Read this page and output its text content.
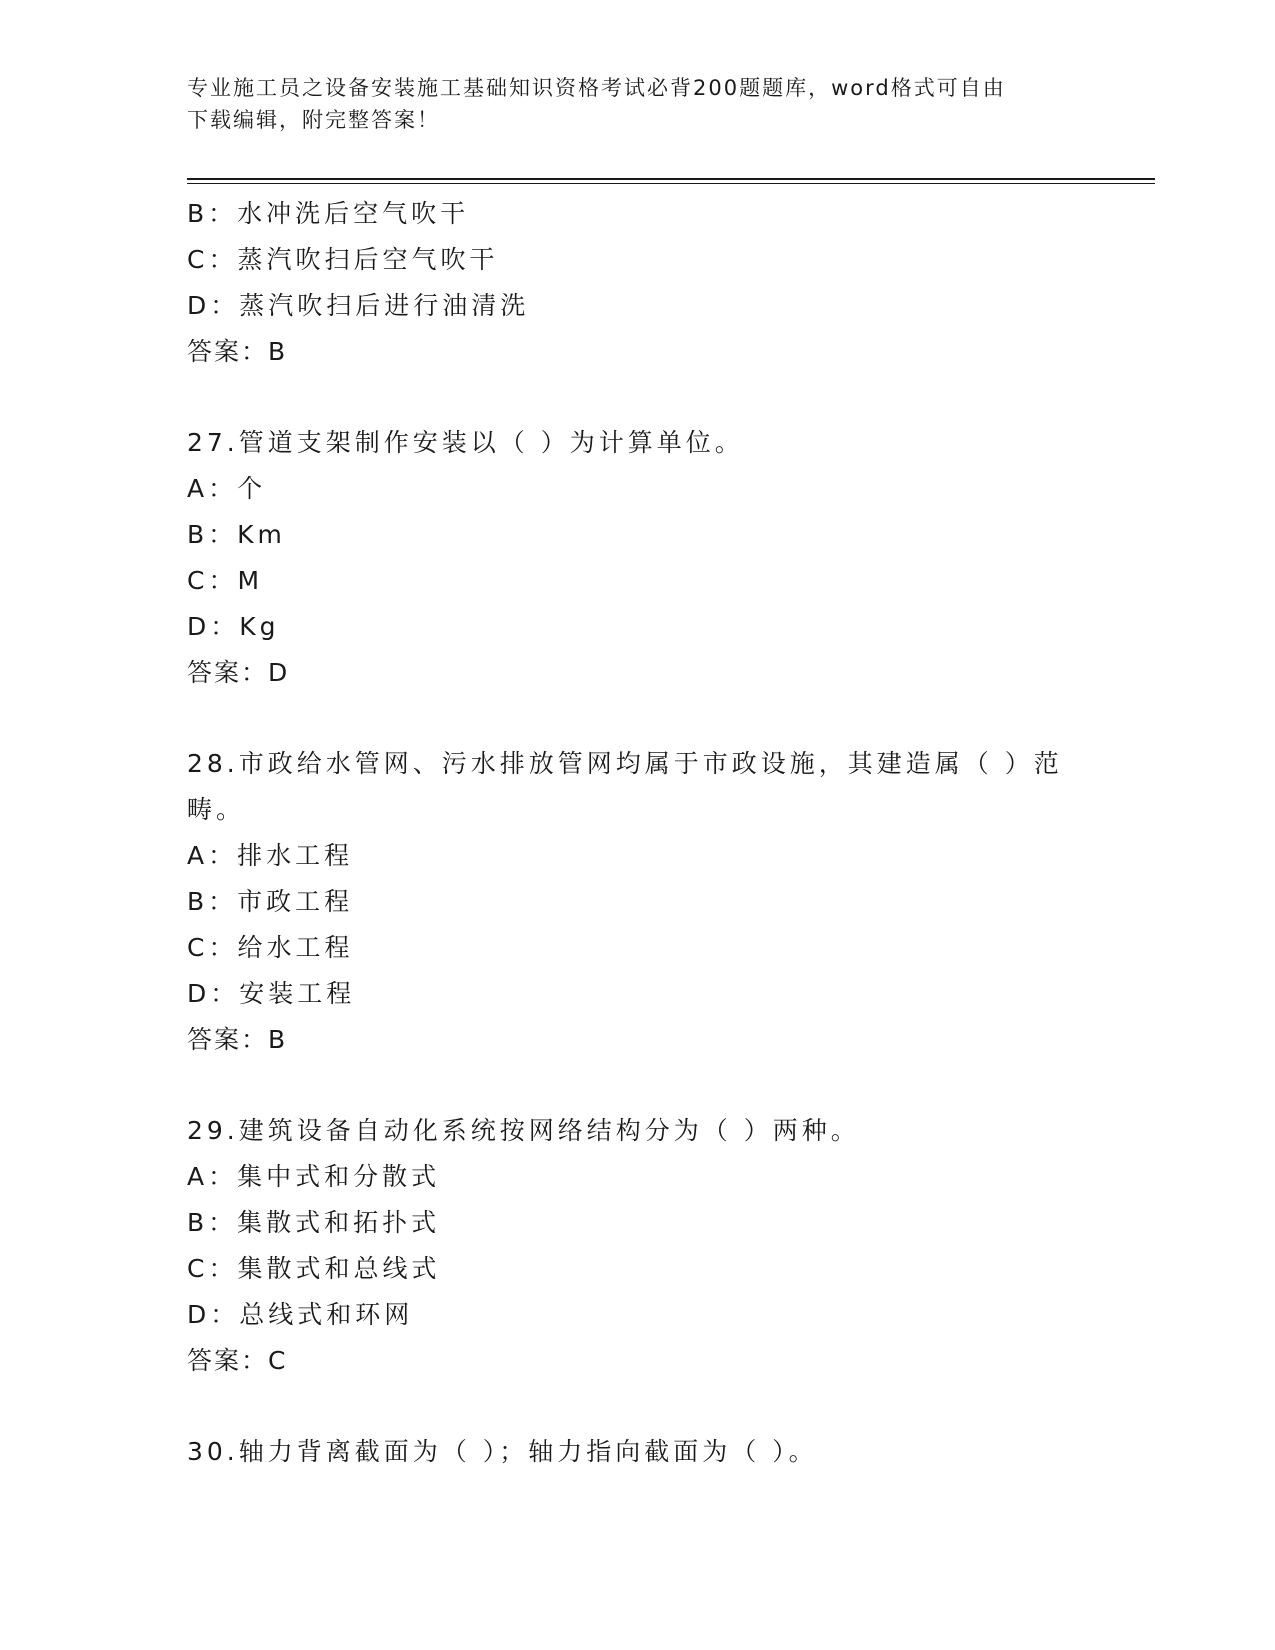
专业施工员之设备安装施工基础知识资格考试必背200题题库，word格式可自由
下载编辑，附完整答案！
B：水冲洗后空气吹干
C：蒸汽吹扫后空气吹干
D：蒸汽吹扫后进行油清洗
答案：B
27.管道支架制作安装以（ ）为计算单位。
A：个
B：Km
C：M
D：Kg
答案：D
28.市政给水管网、污水排放管网均属于市政设施，其建造属（ ）范
畴。
A：排水工程
B：市政工程
C：给水工程
D：安装工程
答案：B
29.建筑设备自动化系统按网络结构分为（ ）两种。
A：集中式和分散式
B：集散式和拓扑式
C：集散式和总线式
D：总线式和环网
答案：C
30.轴力背离截面为（ ）；轴力指向截面为（ ）。
